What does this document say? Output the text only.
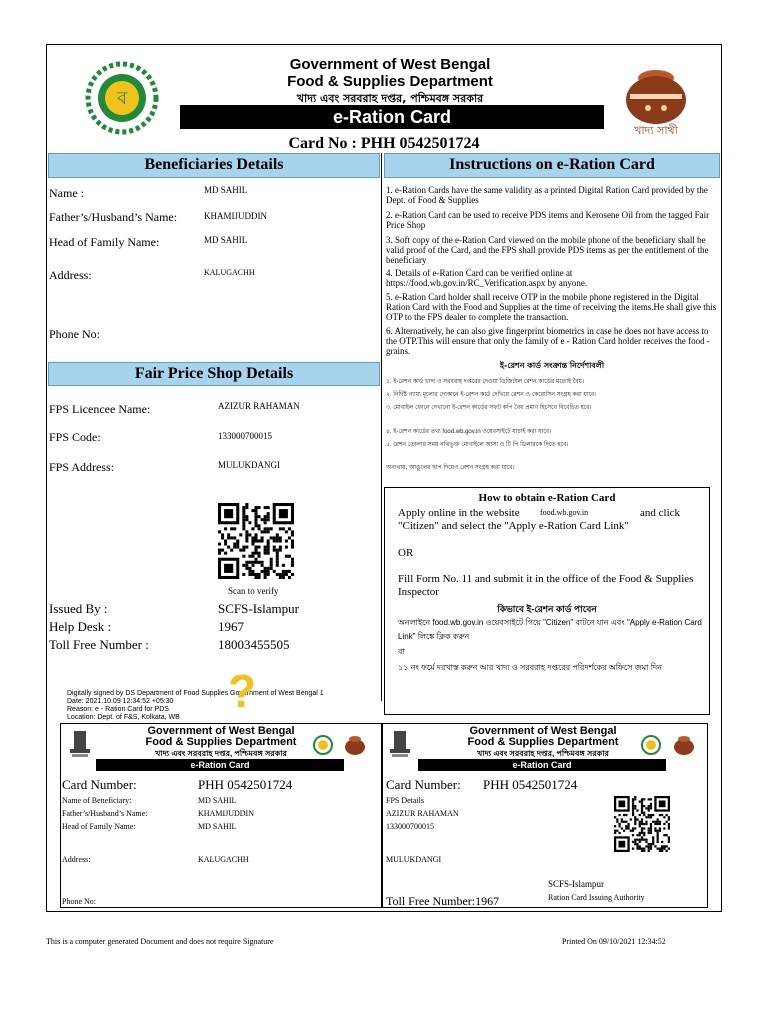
ব
খাদ্য সাথী
Government of West Bengal
Food & Supplies Department
খাদ্য এবং সরবরাহ দপ্তর, পশ্চিমবঙ্গ সরকার
e-Ration Card
Card No : PHH 0542501724
Beneficiaries Details	Instructions on e-Ration Card
Name :	MD SAHIL
Father’s/Husband’s Name:	KHAMIJUDDIN
Head of Family Name:	MD SAHIL
Address:	KALUGACHH
Phone No:
1. e-Ration Cards have the same validity as a printed Digital Ration Card provided by the Dept. of Food & Supplies
2. e-Ration Card can be used to receive PDS items and Kerosene Oil from the tagged Fair Price Shop
3. Soft copy of the e-Ration Card viewed on the mobile phone of the beneficiary shall be valid proof of the Card, and the FPS shall provide PDS items as per the entitlement of the beneficiary
4. Details of e-Ration Card can be verified online at https://food.wb.gov.in/RC_Verification.aspx by anyone.
5. e-Ration Card holder shall receive OTP in the mobile phone registered in the Digital Ration Card with the Food and Supplies at the time of receiving the items.He shall give this OTP to the FPS dealer to complete the transaction.
6. Alternatively, he can also give fingerprint biometrics in case he does not have access to the OTP.This will ensure that only the family of e - Ration Card holder receives the food - grains.
ই-রেশন কার্ড সংক্রান্ত নির্দেশাবলী
১. ই-রেশন কার্ড খাদ্য ও সরবরাহ দপ্তরের দেওয়া ডিজিটাল রেশন কার্ডের মতোই বৈধ।
২. নির্দিষ্ট ন্যায্য মূল্যের দোকানে ই-রেশন কার্ড দেখিয়ে রেশন ও কেরোসিন সংগ্রহ করা যাবে।
৩. মোবাইল ফোনে দেখানো ই-রেশন কার্ডের সফট কপি বৈধ প্রমাণ হিসেবে বিবেচিত হবে।
৪. ই-রেশন কার্ডের তথ্য food.wb.gov.in ওয়েবসাইটে যাচাই করা যাবে।
৫. রেশন তোলার সময় নথিভুক্ত মোবাইলে আসা ও টি পি ডিলারকে দিতে হবে।
অন্যথায়, আঙুলের ছাপ দিয়েও রেশন সংগ্রহ করা যাবে।
Fair Price Shop Details
FPS Licencee Name:	AZIZUR RAHAMAN
FPS Code:	133000700015
FPS Address:	MULUKDANGI
Scan to verify
Issued By :	SCFS-Islampur
Help Desk :	1967
Toll Free Number :	18003455505
Digitally signed by DS Department of Food Supplies Government of West Bengal 1
Date: 2021.10.09 12:34:52 +05:30
Reason: e - Ration Card for PDS
Location: Dept. of F&S, Kolkata, WB
?
How to obtain e-Ration Card
Apply online in the website	food.wb.gov.in	and click "Citizen" and select the "Apply e-Ration Card Link"
OR
Fill Form No. 11 and submit it in the office of the Food & Supplies Inspector
কিভাবে ই-রেশন কার্ড পাবেন
অনলাইনে food.wb.gov.in ওয়েবসাইটে গিয়ে "Citizen" বাটনে যান এবং "Apply e-Ration Card Link" লিঙ্কে ক্লিক করুন
বা
১১ নং ফর্মে দরখাস্ত করুন আর খাদ্য ও সরবরাহ দপ্তরের পরিদর্শকের অফিসে জমা দিন
Government of West Bengal
Food & Supplies Department
খাদ্য এবং সরবরাহ দপ্তর, পশ্চিমবঙ্গ সরকার
e-Ration Card
Government of West Bengal
Food & Supplies Department
খাদ্য এবং সরবরাহ দপ্তর, পশ্চিমবঙ্গ সরকার
e-Ration Card
Card Number:	PHH 0542501724
Name of Beneficiary:	MD SAHIL
Father’s/Husband’s Name:	KHAMIJUDDIN
Head of Family Name:	MD SAHIL
Address:	KALUGACHH
Phone No:
Card Number: PHH 0542501724
FPS Details
AZIZUR RAHAMAN
133000700015
MULUKDANGI
SCFS-Islampur
Ration Card Issuing Authority
Toll Free Number:1967
This is a computer generated Document and does not require Signature	Printed On 09/10/2021 12:34:52
